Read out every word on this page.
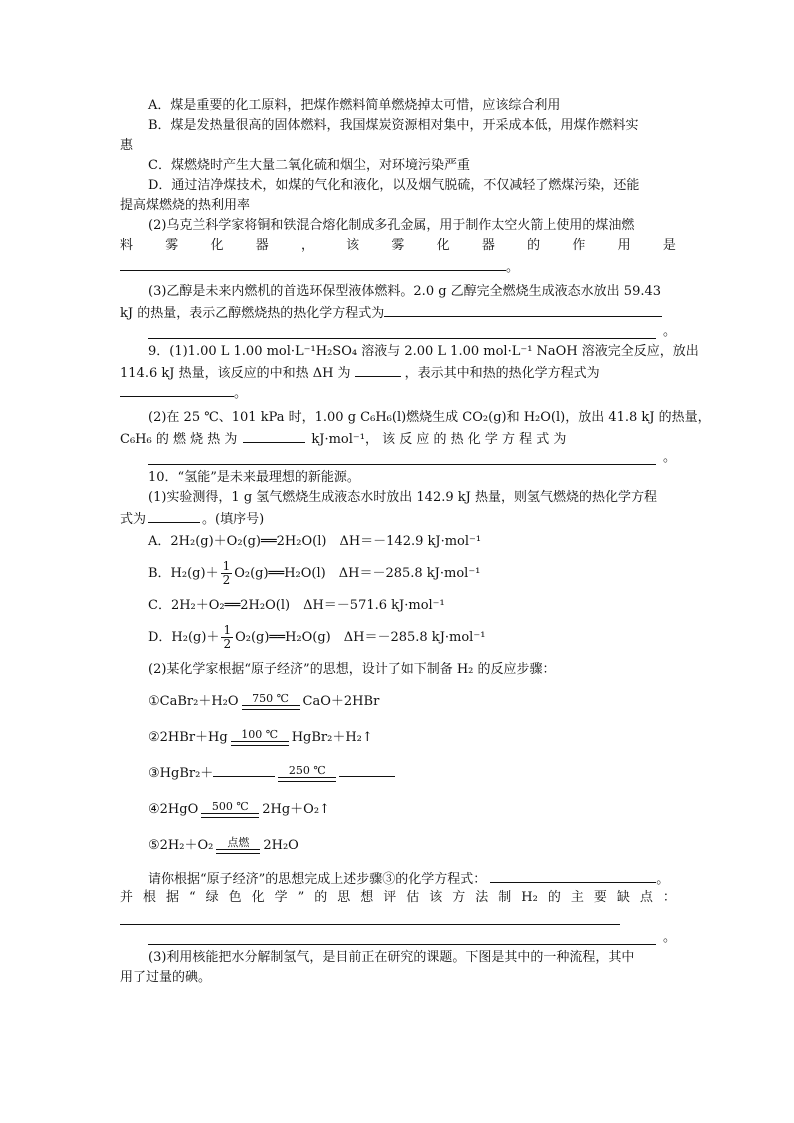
A．煤是重要的化工原料，把煤作燃料简单燃烧掉太可惜，应该综合利用
B．煤是发热量很高的固体燃料，我国煤炭资源相对集中，开采成本低，用煤作燃料实
惠
C．煤燃烧时产生大量二氧化硫和烟尘，对环境污染严重
D．通过洁净煤技术，如煤的气化和液化，以及烟气脱硫，不仅减轻了燃煤污染，还能
提高煤燃烧的热利用率
(2)乌克兰科学家将铜和铁混合熔化制成多孔金属，用于制作太空火箭上使用的煤油燃
料 雾 化 器 ， 该 雾 化 器 的 作 用 是
。
(3)乙醇是未来内燃机的首选环保型液体燃料。2.0 g 乙醇完全燃烧生成液态水放出 59.43
kJ 的热量，表示乙醇燃烧热的热化学方程式为
。
9．(1)1.00 L 1.00 mol·L⁻¹H₂SO₄ 溶液与 2.00 L 1.00 mol·L⁻¹ NaOH 溶液完全反应，放出
114.6 kJ 热量，该反应的中和热 ΔH 为	，表示其中和热的热化学方程式为
。
(2)在 25 ℃、101 kPa 时，1.00 g C₆H₆(l)燃烧生成 CO₂(g)和 H₂O(l)，放出 41.8 kJ 的热量，
C₆H₆ 的 燃 烧 热 为	kJ·mol⁻¹， 该 反 应 的 热 化 学 方 程 式 为
。
10．“氢能”是未来最理想的新能源。
(1)实验测得，1 g 氢气燃烧生成液态水时放出 142.9 kJ 热量，则氢气燃烧的热化学方程
式为	。(填序号)
A．2H₂(g)＋O₂(g)══2H₂O(l)　ΔH＝－142.9 kJ·mol⁻¹
B．$H_2(g)+ \frac{1}{2}$ O₂(g)══H₂O(l)　ΔH＝－285.8 kJ·mol⁻¹
C．2H₂＋O₂══2H₂O(l)　ΔH＝－571.6 kJ·mol⁻¹
D．$H_2(g)+ \frac{1}{2}$ O₂(g)══H₂O(g)　ΔH＝－285.8 kJ·mol⁻¹
(2)某化学家根据“原子经济”的思想，设计了如下制备 H₂ 的反应步骤：
①CaBr₂＋H₂O 750 ℃ CaO＋2HBr
②2HBr＋Hg 100 ℃ HgBr₂＋H₂↑
③HgBr₂＋	250 ℃
④2HgO 500 ℃ 2Hg＋O₂↑
⑤2H₂＋O₂ 点燃 2H₂O
请你根据“原子经济”的思想完成上述步骤③的化学方程式：	。
并 根 据 “ 绿 色 化 学 ” 的 思 想 评 估 该 方 法 制 H₂ 的 主 要 缺 点 ：
。
(3)利用核能把水分解制氢气，是目前正在研究的课题。下图是其中的一种流程，其中
用了过量的碘。
